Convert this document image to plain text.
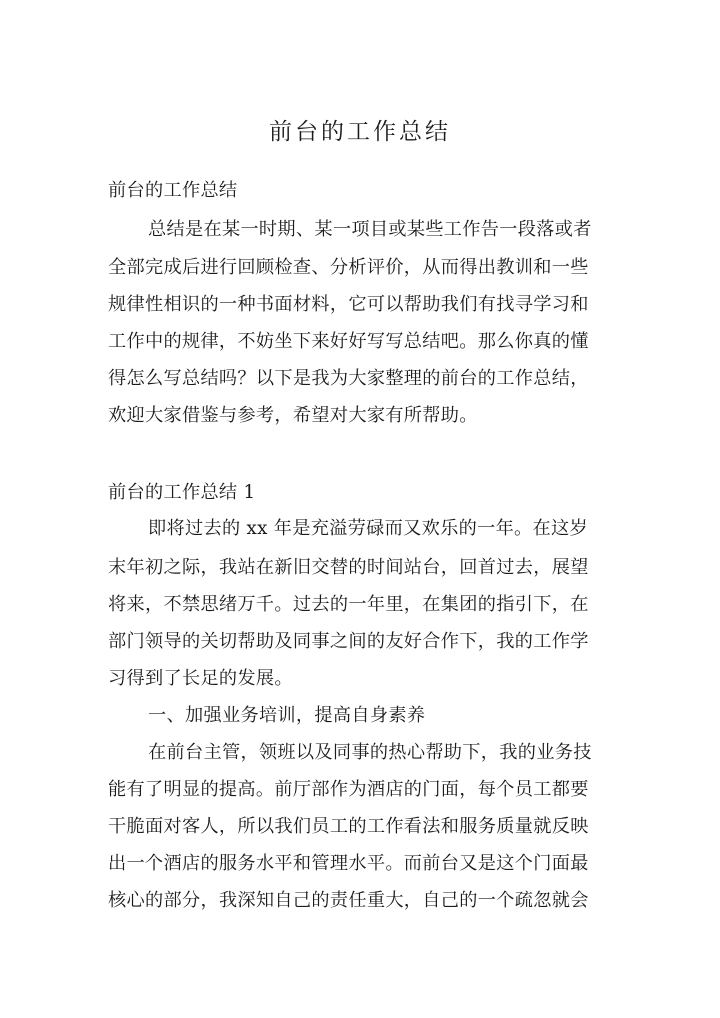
前台的工作总结

前台的工作总结

总结是在某一时期、某一项目或某些工作告一段落或者

全部完成后进行回顾检查、分析评价，从而得出教训和一些

规律性相识的一种书面材料，它可以帮助我们有找寻学习和

工作中的规律，不妨坐下来好好写写总结吧。那么你真的懂

得怎么写总结吗？以下是我为大家整理的前台的工作总结，

欢迎大家借鉴与参考，希望对大家有所帮助。

前台的工作总结 1

即将过去的 xx 年是充溢劳碌而又欢乐的一年。在这岁

末年初之际，我站在新旧交替的时间站台，回首过去，展望

将来，不禁思绪万千。过去的一年里，在集团的指引下，在

部门领导的关切帮助及同事之间的友好合作下，我的工作学

习得到了长足的发展。

一、加强业务培训，提高自身素养

在前台主管，领班以及同事的热心帮助下，我的业务技

能有了明显的提高。前厅部作为酒店的门面，每个员工都要

干脆面对客人，所以我们员工的工作看法和服务质量就反映

出一个酒店的服务水平和管理水平。而前台又是这个门面最

核心的部分，我深知自己的责任重大，自己的一个疏忽就会
